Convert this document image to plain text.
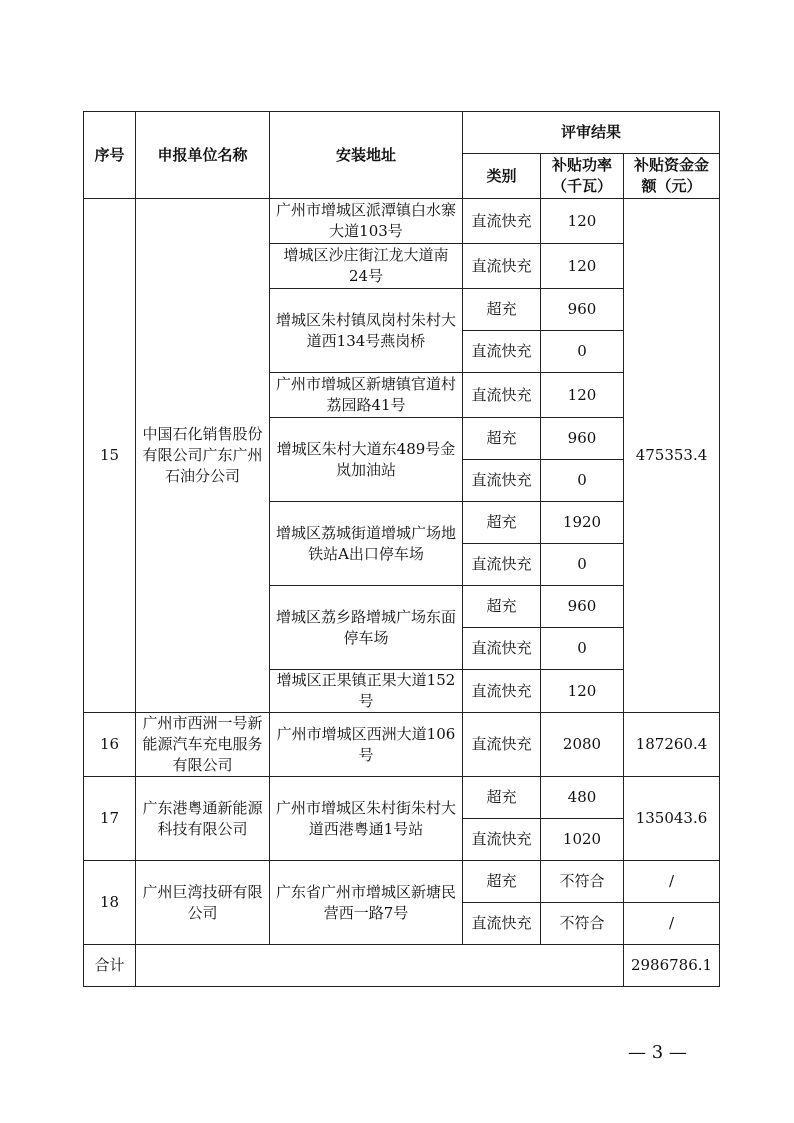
序号	申报单位名称	安装地址	评审结果		
			类别	补贴功率（千瓦）	补贴资金金额（元）
15	中国石化销售股份有限公司广东广州石油分公司	广州市增城区派潭镇白水寨大道103号	直流快充	120	475353.4
		增城区沙庄街江龙大道南24号	直流快充	120	
		增城区朱村镇凤岗村朱村大道西134号燕岗桥	超充	960	
			直流快充	0	
		广州市增城区新塘镇官道村荔园路41号	直流快充	120	
		增城区朱村大道东489号金岚加油站	超充	960	
			直流快充	0	
		增城区荔城街道增城广场地铁站A出口停车场	超充	1920	
			直流快充	0	
		增城区荔乡路增城广场东面停车场	超充	960	
			直流快充	0	
		增城区正果镇正果大道152号	直流快充	120	
16	广州市西洲一号新能源汽车充电服务有限公司	广州市增城区西洲大道106号	直流快充	2080	187260.4
17	广东港粤通新能源科技有限公司	广州市增城区朱村街朱村大道西港粤通1号站	超充	480	135043.6
			直流快充	1020	
18	广州巨湾技研有限公司	广东省广州市增城区新塘民营西一路7号	超充	不符合	/
			直流快充	不符合	/
合计					2986786.1
— 3 —
